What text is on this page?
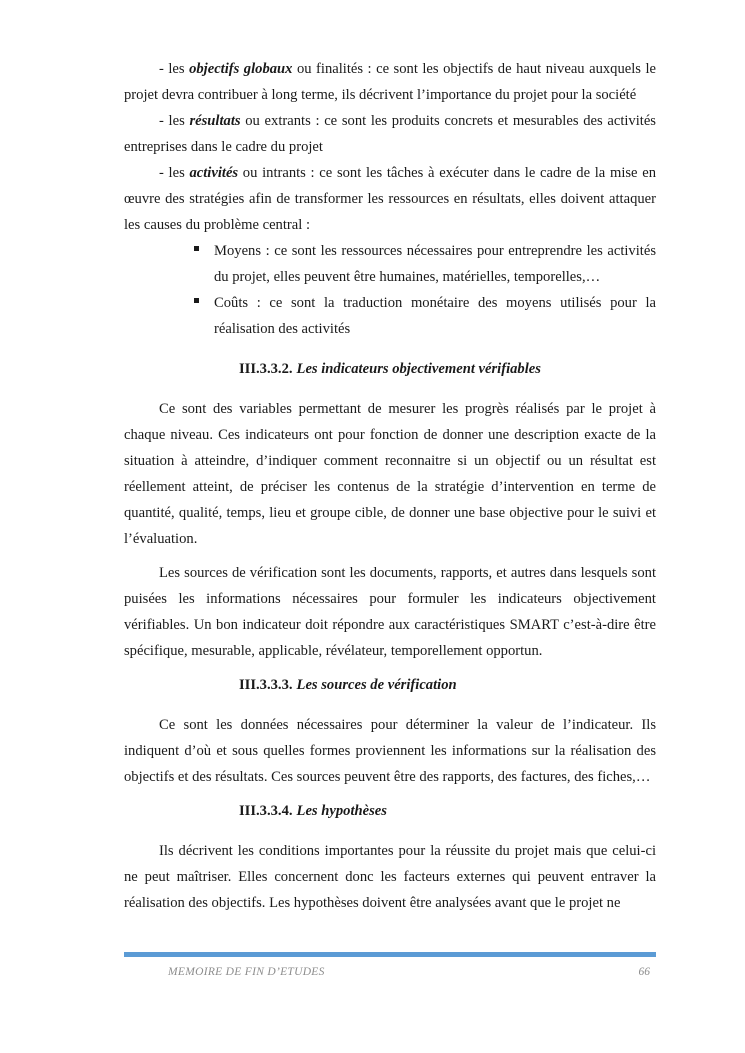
- les objectifs globaux ou finalités : ce sont les objectifs de haut niveau auxquels le projet devra contribuer à long terme, ils décrivent l’importance du projet pour la société

- les résultats ou extrants : ce sont les produits concrets et mesurables des activités entreprises dans le cadre du projet

- les activités ou intrants : ce sont les tâches à exécuter dans le cadre de la mise en œuvre des stratégies afin de transformer les ressources en résultats, elles doivent attaquer les causes du problème central :

Moyens : ce sont les ressources nécessaires pour entreprendre les activités du projet, elles peuvent être humaines, matérielles, temporelles,…
Coûts : ce sont la traduction monétaire des moyens utilisés pour la réalisation des activités
III.3.3.2. Les indicateurs objectivement vérifiables

Ce sont des variables permettant de mesurer les progrès réalisés par le projet à chaque niveau. Ces indicateurs ont pour fonction de donner une description exacte de la situation à atteindre, d’indiquer comment reconnaitre si un objectif ou un résultat est réellement atteint, de préciser les contenus de la stratégie d’intervention en terme de quantité, qualité, temps, lieu et groupe cible, de donner une base objective pour le suivi et l’évaluation.

Les sources de vérification sont les documents, rapports, et autres dans lesquels sont puisées les informations nécessaires pour formuler les indicateurs objectivement vérifiables. Un bon indicateur doit répondre aux caractéristiques SMART c’est-à-dire être spécifique, mesurable, applicable, révélateur, temporellement opportun.

III.3.3.3. Les sources de vérification

Ce sont les données nécessaires pour déterminer la valeur de l’indicateur. Ils indiquent d’où et sous quelles formes proviennent les informations sur la réalisation des objectifs et des résultats. Ces sources peuvent être des rapports, des factures, des fiches,…

III.3.3.4. Les hypothèses

Ils décrivent les conditions importantes pour la réussite du projet mais que celui-ci ne peut maîtriser. Elles concernent donc les facteurs externes qui peuvent entraver la réalisation des objectifs. Les hypothèses doivent être analysées avant que le projet ne

MEMOIRE DE FIN D’ETUDES	66
